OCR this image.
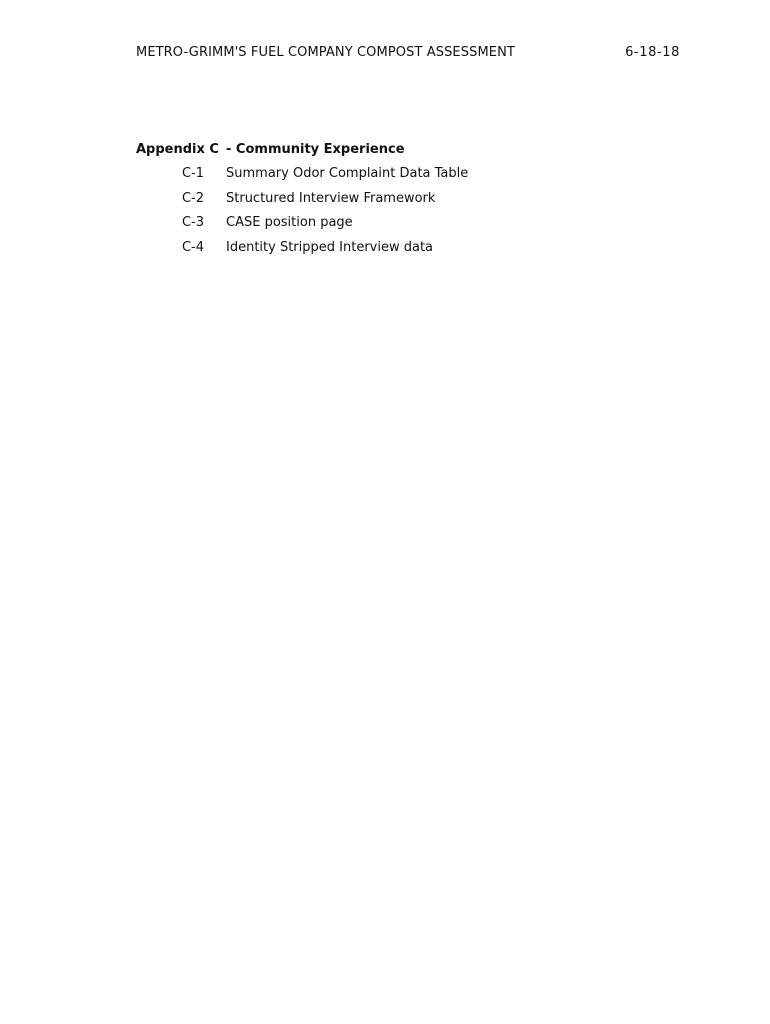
METRO-GRIMM'S FUEL COMPANY COMPOST ASSESSMENT	6-18-18
Appendix C - Community Experience
C-1 Summary Odor Complaint Data Table
C-2 Structured Interview Framework
C-3 CASE position page
C-4 Identity Stripped Interview data
